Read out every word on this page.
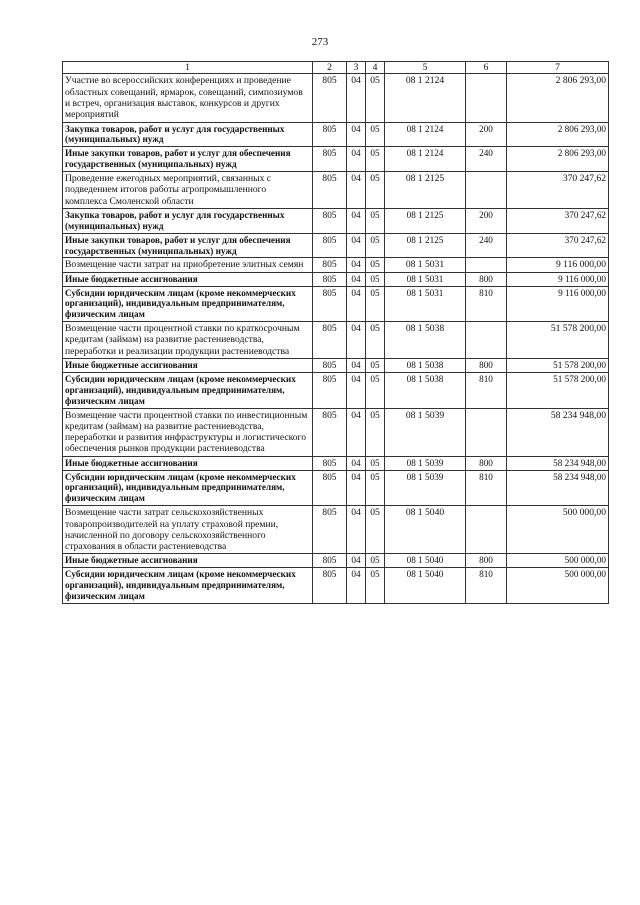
273
1	2	3	4	5	6	7
Участие во всероссийских конференциях и проведение областных совещаний, ярмарок, совещаний, симпозиумов и встреч, организация выставок, конкурсов и других мероприятий	805	04	05	08 1 2124		2 806 293,00
Закупка товаров, работ и услуг для государственных (муниципальных) нужд	805	04	05	08 1 2124	200	2 806 293,00
Иные закупки товаров, работ и услуг для обеспечения государственных (муниципальных) нужд	805	04	05	08 1 2124	240	2 806 293,00
Проведение ежегодных мероприятий, связанных с подведением итогов работы агропромышленного комплекса Смоленской области	805	04	05	08 1 2125		370 247,62
Закупка товаров, работ и услуг для государственных (муниципальных) нужд	805	04	05	08 1 2125	200	370 247,62
Иные закупки товаров, работ и услуг для обеспечения государственных (муниципальных) нужд	805	04	05	08 1 2125	240	370 247,62
Возмещение части затрат на приобретение элитных семян	805	04	05	08 1 5031		9 116 000,00
Иные бюджетные ассигнования	805	04	05	08 1 5031	800	9 116 000,00
Субсидии юридическим лицам (кроме некоммерческих организаций), индивидуальным предпринимателям, физическим лицам	805	04	05	08 1 5031	810	9 116 000,00
Возмещение части процентной ставки по краткосрочным кредитам (займам) на развитие растениеводства, переработки и реализации продукции растениеводства	805	04	05	08 1 5038		51 578 200,00
Иные бюджетные ассигнования	805	04	05	08 1 5038	800	51 578 200,00
Субсидии юридическим лицам (кроме некоммерческих организаций), индивидуальным предпринимателям, физическим лицам	805	04	05	08 1 5038	810	51 578 200,00
Возмещение части процентной ставки по инвестиционным кредитам (займам) на развитие растениеводства, переработки и развития инфраструктуры и логистического обеспечения рынков продукции растениеводства	805	04	05	08 1 5039		58 234 948,00
Иные бюджетные ассигнования	805	04	05	08 1 5039	800	58 234 948,00
Субсидии юридическим лицам (кроме некоммерческих организаций), индивидуальным предпринимателям, физическим лицам	805	04	05	08 1 5039	810	58 234 948,00
Возмещение части затрат сельскохозяйственных товаропроизводителей на уплату страховой премии, начисленной по договору сельскохозяйственного страхования в области растениеводства	805	04	05	08 1 5040		500 000,00
Иные бюджетные ассигнования	805	04	05	08 1 5040	800	500 000,00
Субсидии юридическим лицам (кроме некоммерческих организаций), индивидуальным предпринимателям, физическим лицам	805	04	05	08 1 5040	810	500 000,00
